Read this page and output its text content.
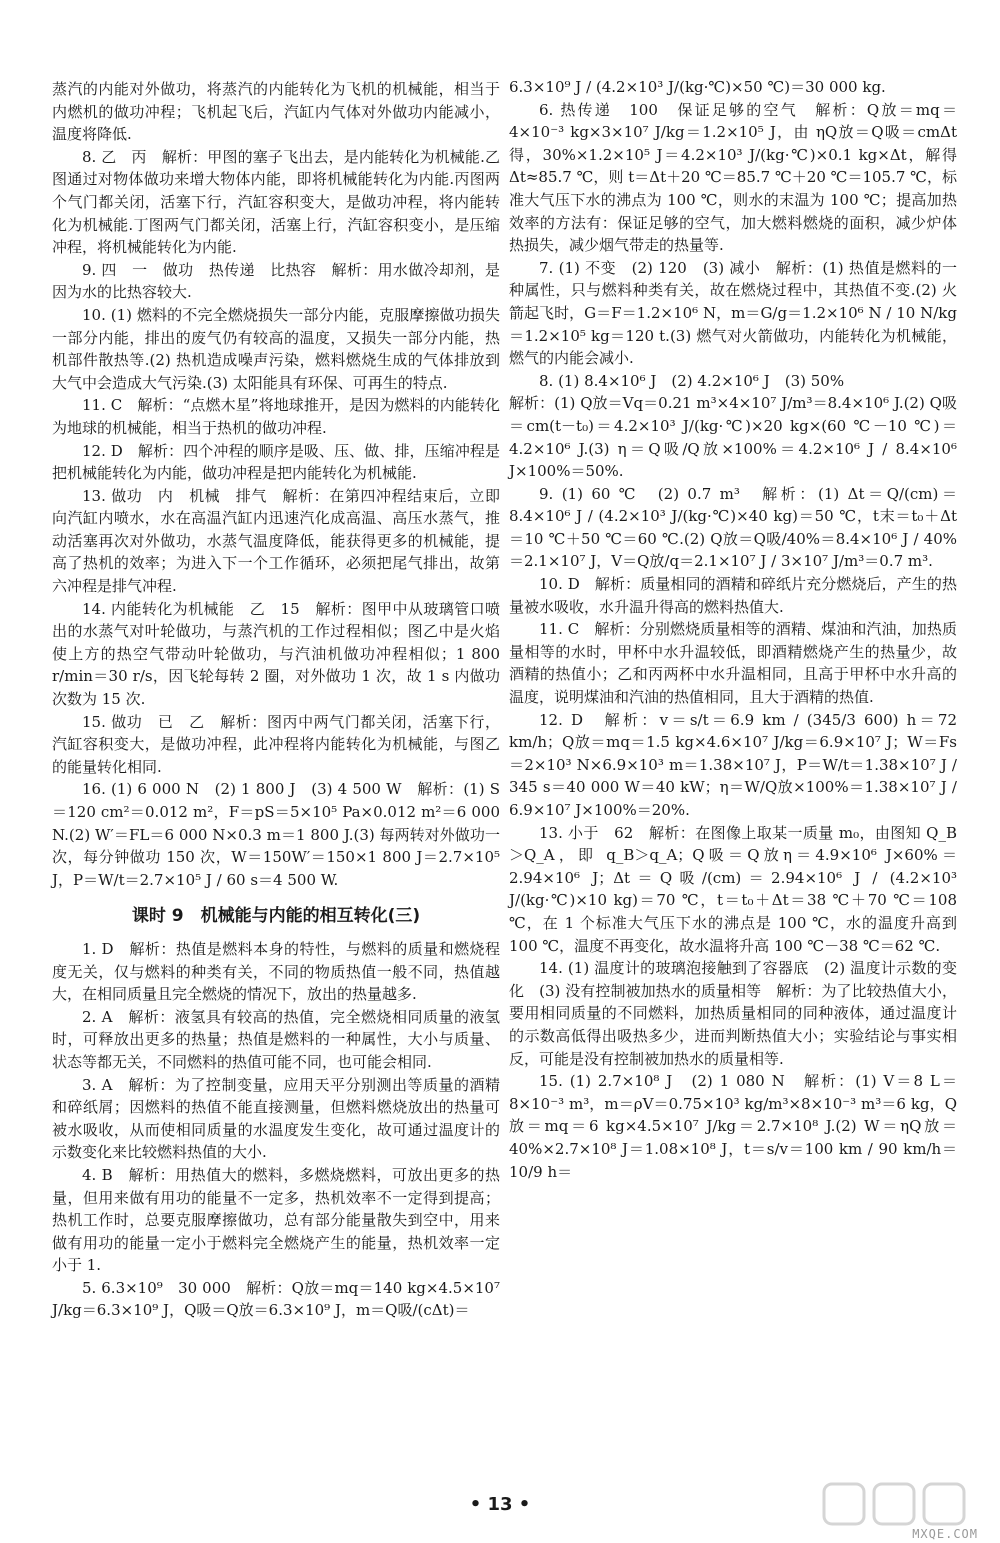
蒸汽的内能对外做功，将蒸汽的内能转化为飞机的机械能，相当于内燃机的做功冲程；飞机起飞后，汽缸内气体对外做功内能减小，温度将降低.

8. 乙　丙　解析：甲图的塞子飞出去，是内能转化为机械能.乙图通过对物体做功来增大物体内能，即将机械能转化为内能.丙图两个气门都关闭，活塞下行，汽缸容积变大，是做功冲程，将内能转化为机械能.丁图两气门都关闭，活塞上行，汽缸容积变小，是压缩冲程，将机械能转化为内能.

9. 四　一　做功　热传递　比热容　解析：用水做冷却剂，是因为水的比热容较大.

10. (1) 燃料的不完全燃烧损失一部分内能，克服摩擦做功损失一部分内能，排出的废气仍有较高的温度，又损失一部分内能，热机部件散热等.(2) 热机造成噪声污染，燃料燃烧生成的气体排放到大气中会造成大气污染.(3) 太阳能具有环保、可再生的特点.

11. C　解析：“点燃木星”将地球推开，是因为燃料的内能转化为地球的机械能，相当于热机的做功冲程.

12. D　解析：四个冲程的顺序是吸、压、做、排，压缩冲程是把机械能转化为内能，做功冲程是把内能转化为机械能.

13. 做功　内　机械　排气　解析：在第四冲程结束后，立即向汽缸内喷水，水在高温汽缸内迅速汽化成高温、高压水蒸气，推动活塞再次对外做功，水蒸气温度降低，能获得更多的机械能，提高了热机的效率；为进入下一个工作循环，必须把尾气排出，故第六冲程是排气冲程.

14. 内能转化为机械能　乙　15　解析：图甲中从玻璃管口喷出的水蒸气对叶轮做功，与蒸汽机的工作过程相似；图乙中是火焰使上方的热空气带动叶轮做功，与汽油机做功冲程相似；1 800 r/min＝30 r/s，因飞轮每转 2 圈，对外做功 1 次，故 1 s 内做功次数为 15 次.

15. 做功　已　乙　解析：图丙中两气门都关闭，活塞下行，汽缸容积变大，是做功冲程，此冲程将内能转化为机械能，与图乙的能量转化相同.

16. (1) 6 000 N　(2) 1 800 J　(3) 4 500 W　解析：(1) S＝120 cm²＝0.012 m²，F＝pS＝5×10⁵ Pa×0.012 m²＝6 000 N.(2) W′＝FL＝6 000 N×0.3 m＝1 800 J.(3) 每两转对外做功一次，每分钟做功 150 次，W＝150W′＝150×1 800 J＝2.7×10⁵ J，P＝W/t＝2.7×10⁵ J / 60 s＝4 500 W.

课时 9　机械能与内能的相互转化(三)

1. D　解析：热值是燃料本身的特性，与燃料的质量和燃烧程度无关，仅与燃料的种类有关，不同的物质热值一般不同，热值越大，在相同质量且完全燃烧的情况下，放出的热量越多.

2. A　解析：液氢具有较高的热值，完全燃烧相同质量的液氢时，可释放出更多的热量；热值是燃料的一种属性，大小与质量、状态等都无关，不同燃料的热值可能不同，也可能会相同.

3. A　解析：为了控制变量，应用天平分别测出等质量的酒精和碎纸屑；因燃料的热值不能直接测量，但燃料燃烧放出的热量可被水吸收，从而使相同质量的水温度发生变化，故可通过温度计的示数变化来比较燃料热值的大小.

4. B　解析：用热值大的燃料，多燃烧燃料，可放出更多的热量，但用来做有用功的能量不一定多，热机效率不一定得到提高；热机工作时，总要克服摩擦做功，总有部分能量散失到空中，用来做有用功的能量一定小于燃料完全燃烧产生的能量，热机效率一定小于 1.

5. 6.3×10⁹　30 000　解析：Q放＝mq＝140 kg×4.5×10⁷ J/kg＝6.3×10⁹ J，Q吸＝Q放＝6.3×10⁹ J，m＝Q吸/(cΔt)＝

6.3×10⁹ J / (4.2×10³ J/(kg·℃)×50 ℃)＝30 000 kg.

6. 热传递　100　保证足够的空气　解析：Q放＝mq＝4×10⁻³ kg×3×10⁷ J/kg＝1.2×10⁵ J，由 ηQ放＝Q吸＝cmΔt 得，30%×1.2×10⁵ J＝4.2×10³ J/(kg·℃)×0.1 kg×Δt，解得 Δt≈85.7 ℃，则 t＝Δt＋20 ℃＝85.7 ℃＋20 ℃＝105.7 ℃，标准大气压下水的沸点为 100 ℃，则水的末温为 100 ℃；提高加热效率的方法有：保证足够的空气，加大燃料燃烧的面积，减少炉体热损失，减少烟气带走的热量等.

7. (1) 不变　(2) 120　(3) 减小　解析：(1) 热值是燃料的一种属性，只与燃料种类有关，故在燃烧过程中，其热值不变.(2) 火箭起飞时，G＝F＝1.2×10⁶ N，m＝G/g＝1.2×10⁶ N / 10 N/kg＝1.2×10⁵ kg＝120 t.(3) 燃气对火箭做功，内能转化为机械能，燃气的内能会减小.

8. (1) 8.4×10⁶ J　(2) 4.2×10⁶ J　(3) 50%

解析：(1) Q放＝Vq＝0.21 m³×4×10⁷ J/m³＝8.4×10⁶ J.(2) Q吸＝cm(t－t₀)＝4.2×10³ J/(kg·℃)×20 kg×(60 ℃－10 ℃)＝4.2×10⁶ J.(3) η＝Q吸/Q放×100%＝4.2×10⁶ J / 8.4×10⁶ J×100%＝50%.

9. (1) 60 ℃　(2) 0.7 m³　解析：(1) Δt＝Q/(cm)＝8.4×10⁶ J / (4.2×10³ J/(kg·℃)×40 kg)＝50 ℃，t末＝t₀＋Δt＝10 ℃＋50 ℃＝60 ℃.(2) Q放＝Q吸/40%＝8.4×10⁶ J / 40%＝2.1×10⁷ J，V＝Q放/q＝2.1×10⁷ J / 3×10⁷ J/m³＝0.7 m³.

10. D　解析：质量相同的酒精和碎纸片充分燃烧后，产生的热量被水吸收，水升温升得高的燃料热值大.

11. C　解析：分别燃烧质量相等的酒精、煤油和汽油，加热质量相等的水时，甲杯中水升温较低，即酒精燃烧产生的热量少，故酒精的热值小；乙和丙两杯中水升温相同，且高于甲杯中水升高的温度，说明煤油和汽油的热值相同，且大于酒精的热值.

12. D　解析：v＝s/t＝6.9 km / (345/3 600) h＝72 km/h；Q放＝mq＝1.5 kg×4.6×10⁷ J/kg＝6.9×10⁷ J；W＝Fs＝2×10³ N×6.9×10³ m＝1.38×10⁷ J，P＝W/t＝1.38×10⁷ J / 345 s＝40 000 W＝40 kW；η＝W/Q放×100%＝1.38×10⁷ J / 6.9×10⁷ J×100%＝20%.

13. 小于　62　解析：在图像上取某一质量 m₀，由图知 Q_B＞Q_A，即 q_B＞q_A；Q吸＝Q放η＝4.9×10⁶ J×60%＝2.94×10⁶ J；Δt＝Q吸/(cm)＝2.94×10⁶ J / (4.2×10³ J/(kg·℃)×10 kg)＝70 ℃，t＝t₀＋Δt＝38 ℃＋70 ℃＝108 ℃，在 1 个标准大气压下水的沸点是 100 ℃，水的温度升高到 100 ℃，温度不再变化，故水温将升高 100 ℃－38 ℃＝62 ℃.

14. (1) 温度计的玻璃泡接触到了容器底　(2) 温度计示数的变化　(3) 没有控制被加热水的质量相等　解析：为了比较热值大小，要用相同质量的不同燃料，加热质量相同的同种液体，通过温度计的示数高低得出吸热多少，进而判断热值大小；实验结论与事实相反，可能是没有控制被加热水的质量相等.

15. (1) 2.7×10⁸ J　(2) 1 080 N　解析：(1) V＝8 L＝8×10⁻³ m³，m＝ρV＝0.75×10³ kg/m³×8×10⁻³ m³＝6 kg，Q放＝mq＝6 kg×4.5×10⁷ J/kg＝2.7×10⁸ J.(2) W＝ηQ放＝40%×2.7×10⁸ J＝1.08×10⁸ J，t＝s/v＝100 km / 90 km/h＝10/9 h＝

• 13 •
MXQE.COM
